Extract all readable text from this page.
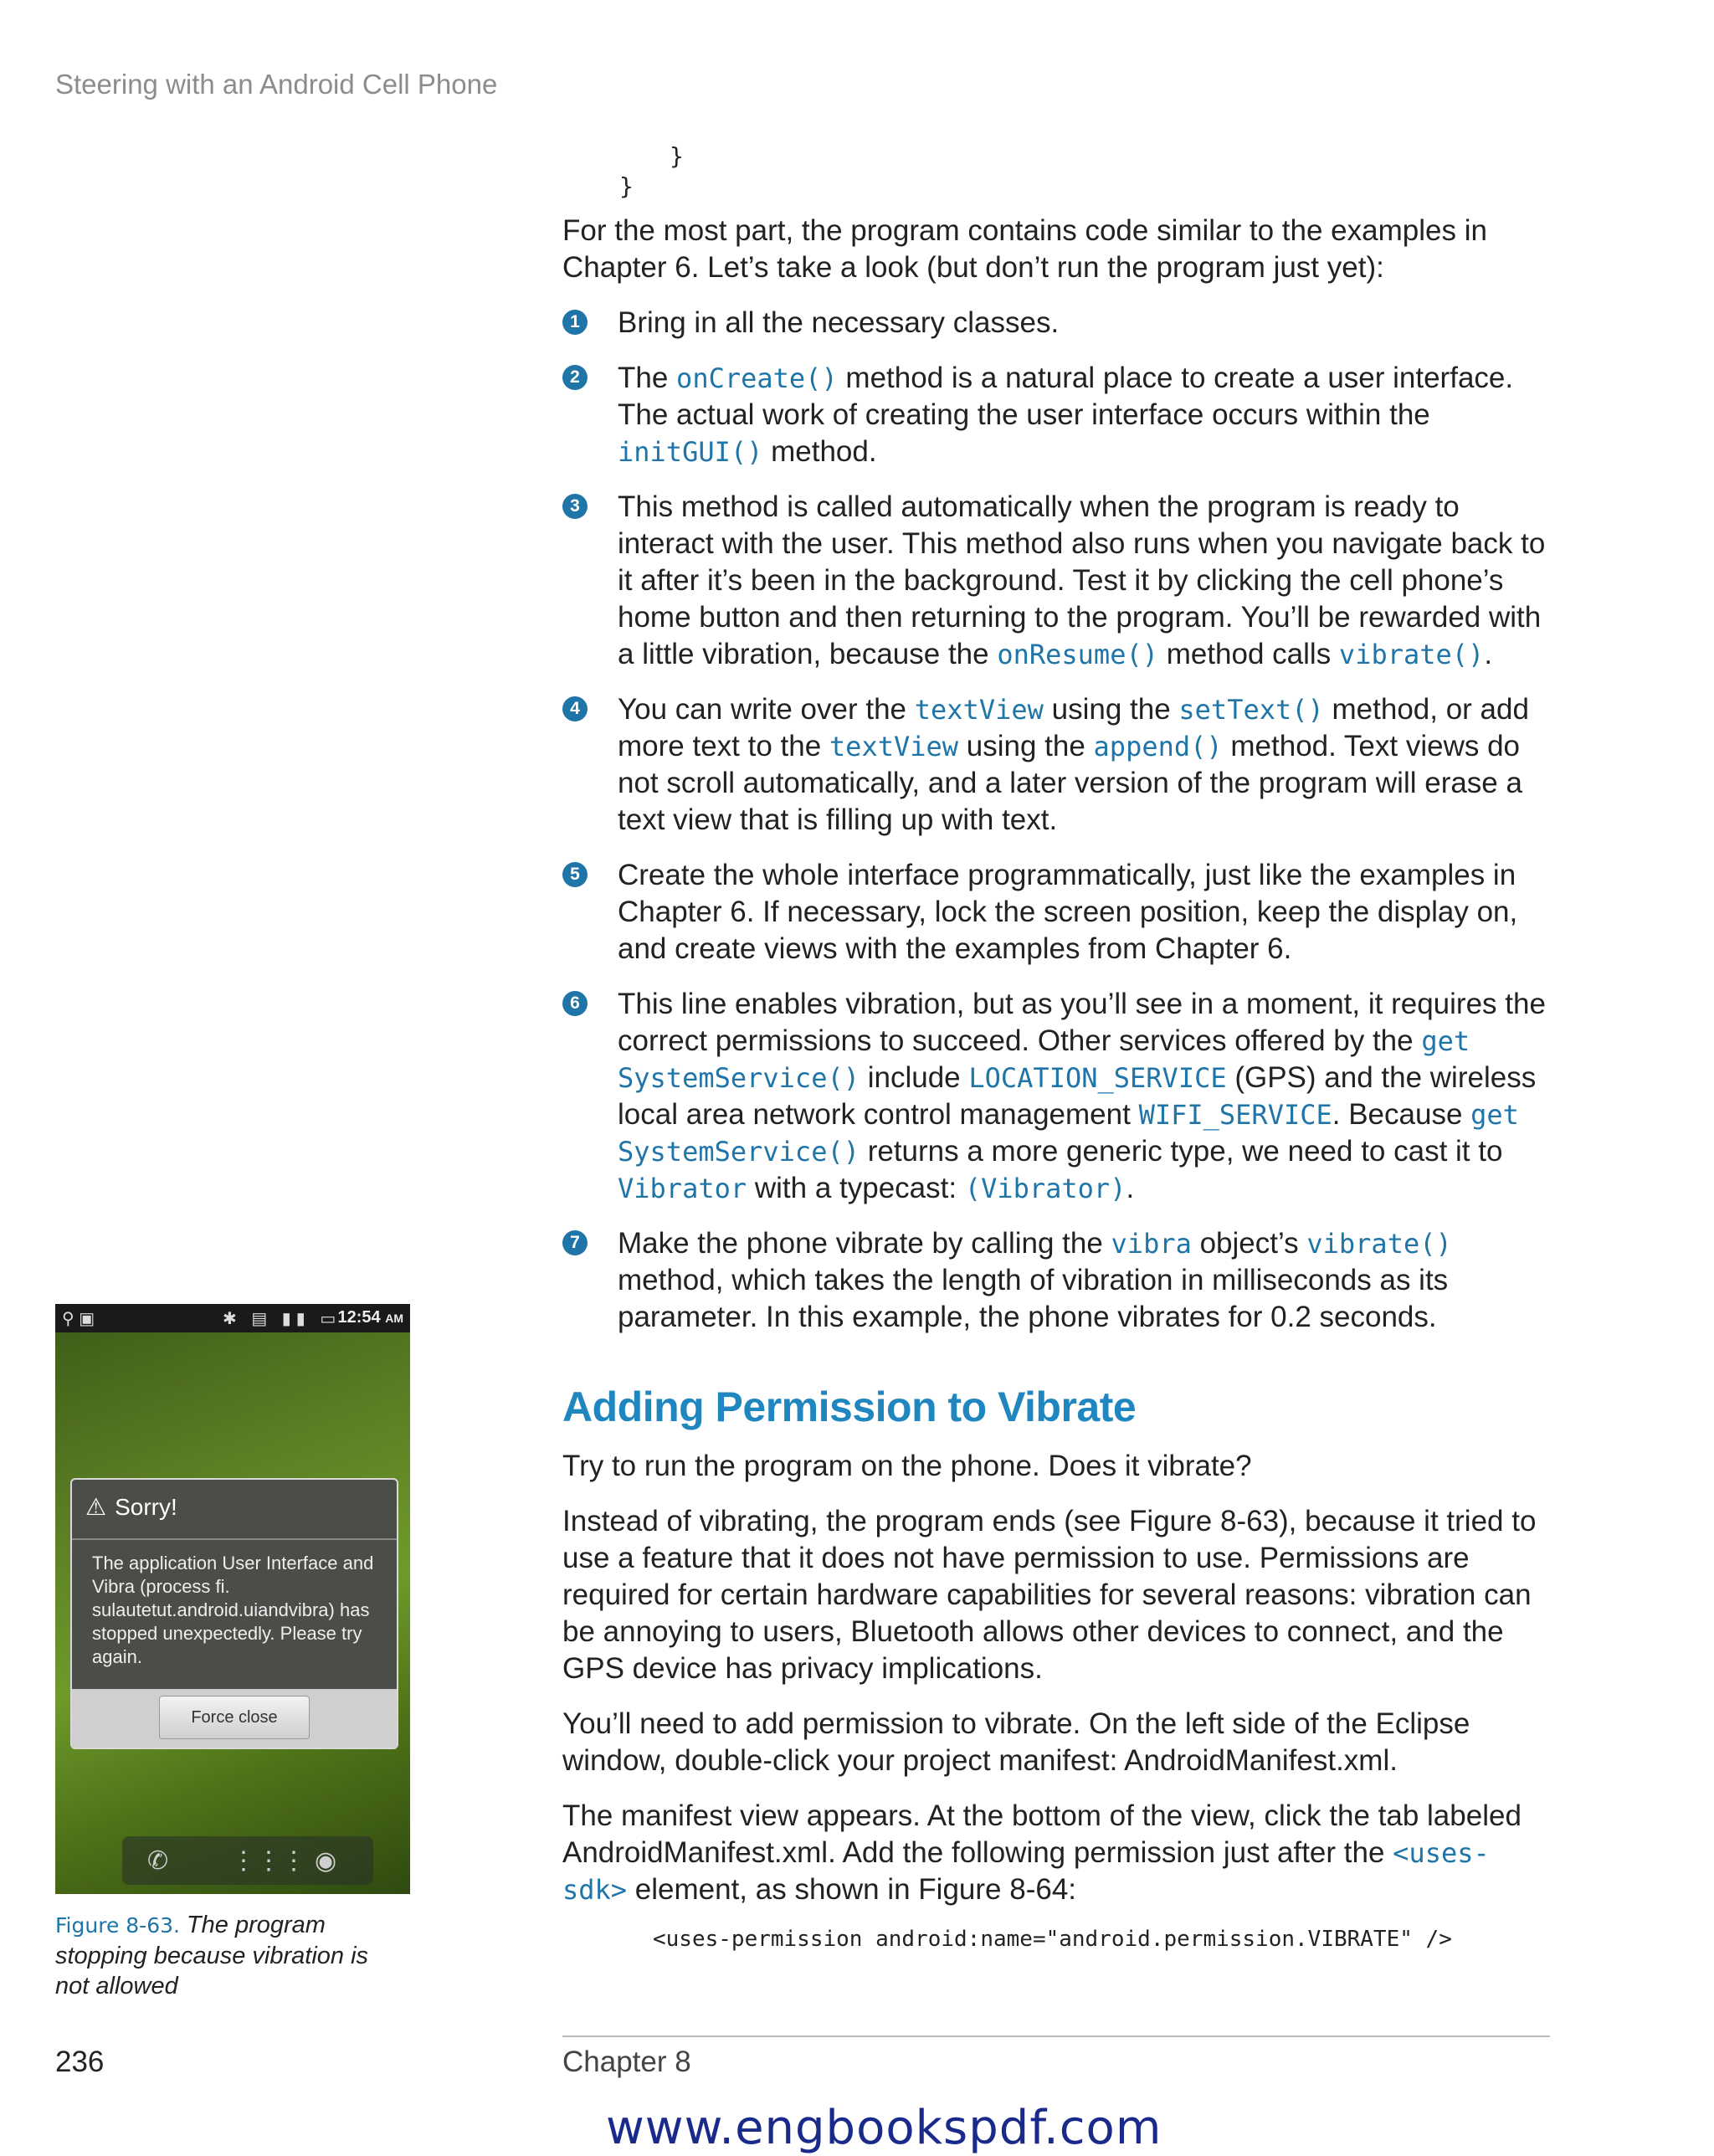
Steering with an Android Cell Phone
}
}

For the most part, the program contains code similar to the examples in Chapter 6. Let’s take a look (but don’t run the program just yet):

1 Bring in all the necessary classes.
2 The onCreate() method is a natural place to create a user interface. The actual work of creating the user interface occurs within the initGUI() method.
3 This method is called automatically when the program is ready to interact with the user. This method also runs when you navigate back to it after it’s been in the background. Test it by clicking the cell phone’s home button and then returning to the program. You’ll be rewarded with a little vibration, because the onResume() method calls vibrate().
4 You can write over the textView using the setText() method, or add more text to the textView using the append() method. Text views do not scroll automatically, and a later version of the program will erase a text view that is filling up with text.
5 Create the whole interface programmatically, just like the examples in Chapter 6. If necessary, lock the screen position, keep the display on, and create views with the examples from Chapter 6.
6 This line enables vibration, but as you’ll see in a moment, it requires the correct permissions to succeed. Other services offered by the get SystemService() include LOCATION_SERVICE (GPS) and the wireless local area network control management WIFI_SERVICE. Because get SystemService() returns a more generic type, we need to cast it to Vibrator with a typecast: (Vibrator).
7 Make the phone vibrate by calling the vibra object’s vibrate() method, which takes the length of vibration in milliseconds as its parameter. In this example, the phone vibrates for 0.2 seconds.
Adding Permission to Vibrate

Try to run the program on the phone. Does it vibrate?

Instead of vibrating, the program ends (see Figure 8-63), because it tried to use a feature that it does not have permission to use. Permissions are required for certain hardware capabilities for several reasons: vibration can be annoying to users, Bluetooth allows other devices to connect, and the GPS device has privacy implications.

You’ll need to add permission to vibrate. On the left side of the Eclipse window, double-click your project manifest: AndroidManifest.xml.

The manifest view appears. At the bottom of the view, click the tab labeled AndroidManifest.xml. Add the following permission just after the <uses-sdk> element, as shown in Figure 8-64:

<uses-permission android:name="android.permission.VIBRATE" />
⚲ ▣	✱ ▤ ▮▮ ▭
12:54 AM
⚠ Sorry!
The application User Interface and Vibra (process fi. sulautetut.android.uiandvibra) has stopped unexpectedly. Please try again.
Force close
✆ ⋮⋮⋮ ◉
Figure 8-63. The program stopping because vibration is not allowed
236	Chapter 8
www.engbookspdf.com
